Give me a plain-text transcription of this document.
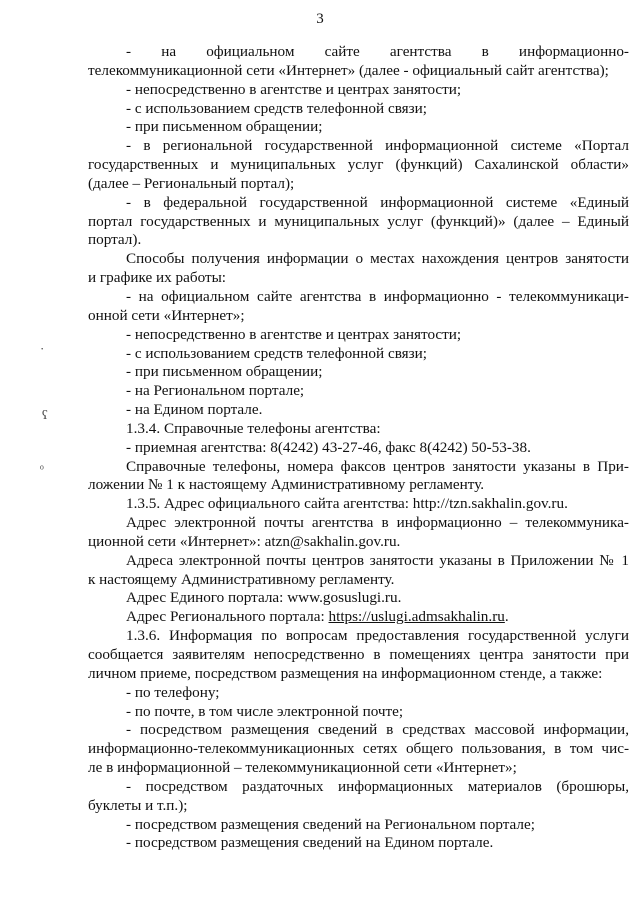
3
·
ʕ
ᵒ
- на официальном сайте агентства в информационно-
телекоммуникационной сети «Интернет» (далее - официальный сайт агентства);
- непосредственно в агентстве и центрах занятости;
- с использованием средств телефонной связи;
- при письменном обращении;
- в региональной государственной информационной системе «Портал
государственных и муниципальных услуг (функций) Сахалинской области»
(далее – Региональный портал);
- в федеральной государственной информационной системе «Единый
портал государственных и муниципальных услуг (функций)» (далее – Единый
портал).
Способы получения информации о местах нахождения центров занятости
и графике их работы:
- на официальном сайте агентства в информационно - телекоммуникаци-
онной сети «Интернет»;
- непосредственно в агентстве и центрах занятости;
- с использованием средств телефонной связи;
- при письменном обращении;
- на Региональном портале;
- на Едином портале.
1.3.4. Справочные телефоны агентства:
- приемная агентства: 8(4242) 43-27-46, факс 8(4242) 50-53-38.
Справочные телефоны, номера факсов центров занятости указаны в При-
ложении № 1 к настоящему Административному регламенту.
1.3.5. Адрес официального сайта агентства: http://tzn.sakhalin.gov.ru.
Адрес электронной почты агентства в информационно – телекоммуника-
ционной сети «Интернет»: atzn@sakhalin.gov.ru.
Адреса электронной почты центров занятости указаны в Приложении № 1
к настоящему Административному регламенту.
Адрес Единого портала: www.gosuslugi.ru.
Адрес Регионального портала: https://uslugi.admsakhalin.ru.
1.3.6. Информация по вопросам предоставления государственной услуги
сообщается заявителям непосредственно в помещениях центра занятости при
личном приеме, посредством размещения на информационном стенде, а также:
- по телефону;
- по почте, в том числе электронной почте;
- посредством размещения сведений в средствах массовой информации,
информационно-телекоммуникационных сетях общего пользования, в том чис-
ле в информационной – телекоммуникационной сети «Интернет»;
- посредством раздаточных информационных материалов (брошюры,
буклеты и т.п.);
- посредством размещения сведений на Региональном портале;
- посредством размещения сведений на Едином портале.
